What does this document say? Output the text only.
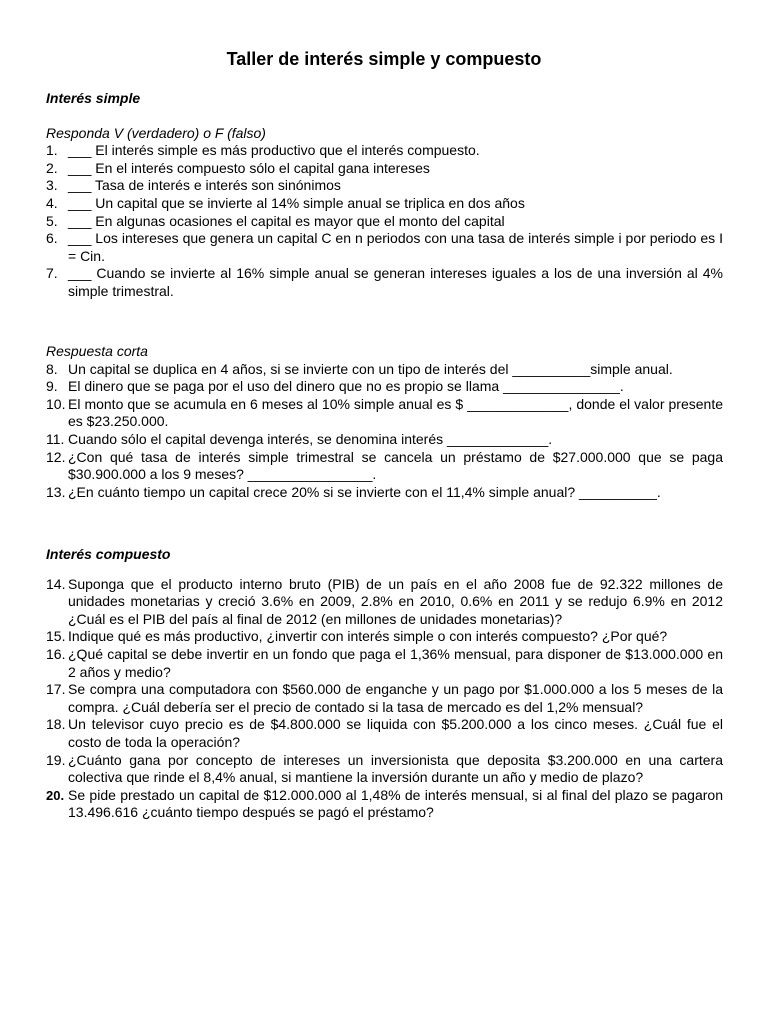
Taller de interés simple y compuesto
Interés simple
Responda V (verdadero) o F (falso)
1. ___ El interés simple es más productivo que el interés compuesto.
2. ___ En el interés compuesto sólo el capital gana intereses
3. ___ Tasa de interés e interés son sinónimos
4. ___ Un capital que se invierte al 14% simple anual se triplica en dos años
5. ___ En algunas ocasiones el capital es mayor que el monto del capital
6. ___ Los intereses que genera un capital C en n periodos con una tasa de interés simple i por periodo es I = Cin.
7. ___ Cuando se invierte al 16% simple anual se generan intereses iguales a los de una inversión al 4% simple trimestral.
Respuesta corta
8. Un capital se duplica en 4 años, si se invierte con un tipo de interés del __________simple anual.
9. El dinero que se paga por el uso del dinero que no es propio se llama _______________.
10. El monto que se acumula en 6 meses al 10% simple anual es $ _____________, donde el valor presente es $23.250.000.
11. Cuando sólo el capital devenga interés, se denomina interés _____________.
12. ¿Con qué tasa de interés simple trimestral se cancela un préstamo de $27.000.000 que se paga $30.900.000 a los 9 meses? ________________.
13. ¿En cuánto tiempo un capital crece 20% si se invierte con el 11,4% simple anual? __________.
Interés compuesto
14. Suponga que el producto interno bruto (PIB) de un país en el año 2008 fue de 92.322 millones de unidades monetarias y creció 3.6% en 2009, 2.8% en 2010, 0.6% en 2011 y se redujo 6.9% en 2012 ¿Cuál es el PIB del país al final de 2012 (en millones de unidades monetarias)?
15. Indique qué es más productivo, ¿invertir con interés simple o con interés compuesto? ¿Por qué?
16. ¿Qué capital se debe invertir en un fondo que paga el 1,36% mensual, para disponer de $13.000.000 en 2 años y medio?
17. Se compra una computadora con $560.000 de enganche y un pago por $1.000.000 a los 5 meses de la compra. ¿Cuál debería ser el precio de contado si la tasa de mercado es del 1,2% mensual?
18. Un televisor cuyo precio es de $4.800.000 se liquida con $5.200.000 a los cinco meses. ¿Cuál fue el costo de toda la operación?
19. ¿Cuánto gana por concepto de intereses un inversionista que deposita $3.200.000 en una cartera colectiva que rinde el 8,4% anual, si mantiene la inversión durante un año y medio de plazo?
20. Se pide prestado un capital de $12.000.000 al 1,48% de interés mensual, si al final del plazo se pagaron 13.496.616 ¿cuánto tiempo después se pagó el préstamo?
